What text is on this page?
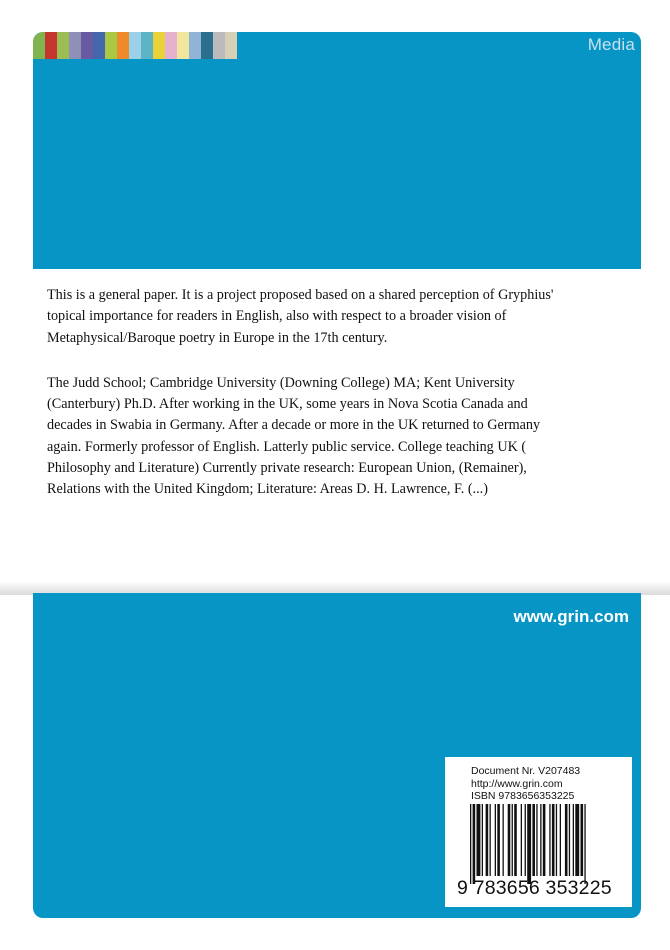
Media

This is a general paper. It is a project proposed based on a shared perception of Gryphius'
topical importance for readers in English, also with respect to a broader vision of
Metaphysical/Baroque poetry in Europe in the 17th century.

The Judd School; Cambridge University (Downing College) MA; Kent University
(Canterbury) Ph.D. After working in the UK, some years in Nova Scotia Canada and
decades in Swabia in Germany. After a decade or more in the UK returned to Germany
again. Formerly professor of English. Latterly public service. College teaching UK (
Philosophy and Literature) Currently private research: European Union, (Remainer),
Relations with the United Kingdom; Literature: Areas D. H. Lawrence, F. (...)

www.grin.com
Document Nr. V207483
http://www.grin.com
ISBN 9783656353225
9 783656 353225
